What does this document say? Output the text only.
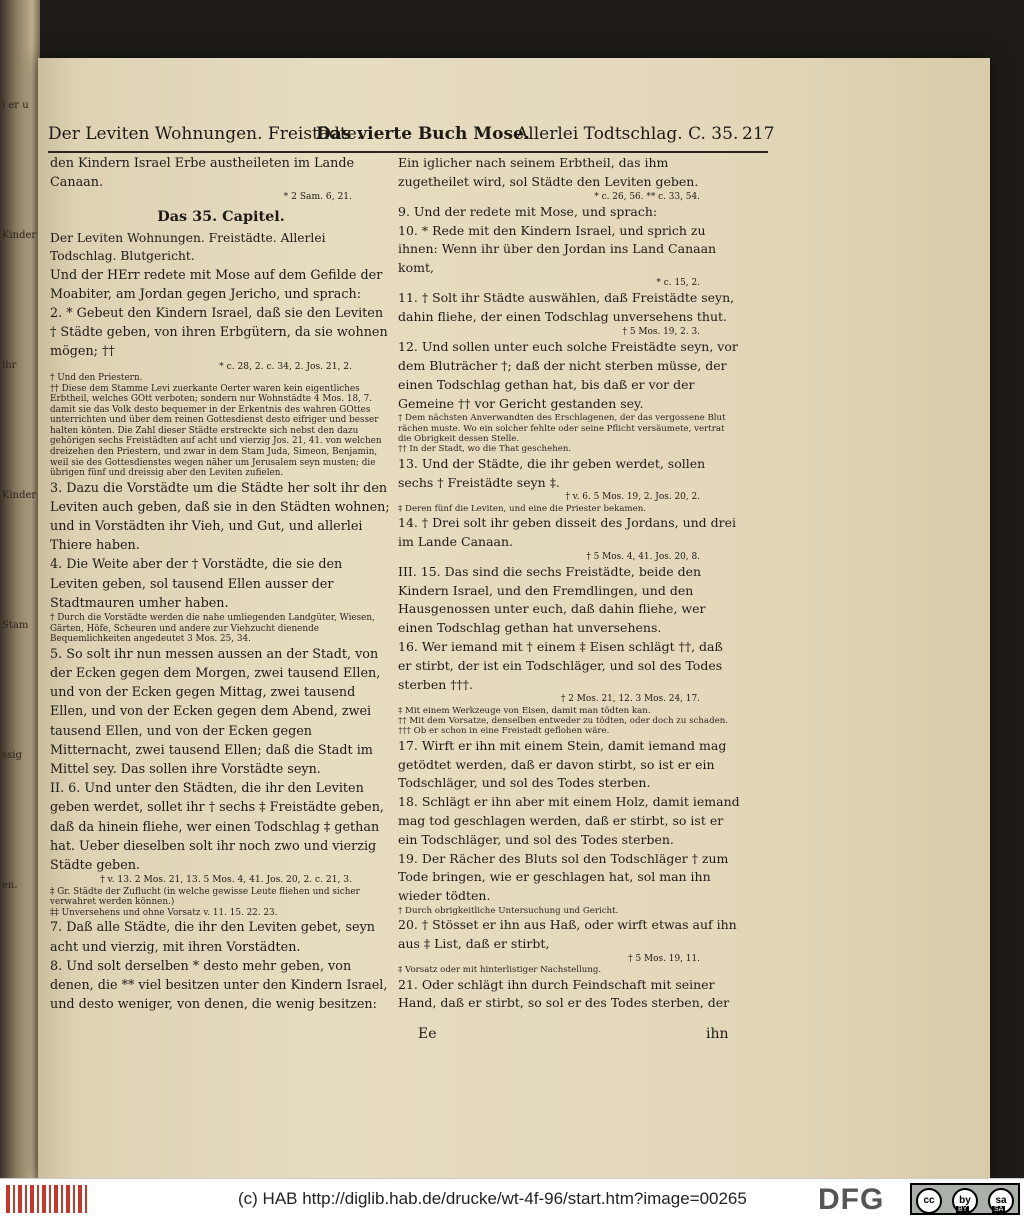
i er u
Kinder
ihr
Kinder
Stam
ssig
en.
Der Leviten Wohnungen. Freistädte.
Das vierte Buch Mose.
Allerlei Todtschlag. C. 35. 217

den Kindern Israel Erbe austheileten im Lande Canaan.

* 2 Sam. 6, 21.

Das 35. Capitel.

Der Leviten Wohnungen. Freistädte. Allerlei Todschlag. Blutgericht.

Und der HErr redete mit Mose auf dem Gefilde der Moabiter, am Jordan gegen Jericho, und sprach:

2. * Gebeut den Kindern Israel, daß sie den Leviten † Städte geben, von ihren Erbgütern, da sie wohnen mögen; ††

* c. 28, 2. c. 34, 2. Jos. 21, 2.

† Und den Priestern.

†† Diese dem Stamme Levi zuerkante Oerter waren kein eigentliches Erbtheil, welches GOtt verboten; sondern nur Wohnstädte 4 Mos. 18, 7. damit sie das Volk desto bequemer in der Erkentnis des wahren GOttes unterrichten und über dem reinen Gottesdienst desto eifriger und besser halten könten. Die Zahl dieser Städte erstreckte sich nebst den dazu gehörigen sechs Freistädten auf acht und vierzig Jos. 21, 41. von welchen dreizehen den Priestern, und zwar in dem Stam Juda, Simeon, Benjamin, weil sie des Gottesdienstes wegen näher um Jerusalem seyn musten; die übrigen fünf und dreissig aber den Leviten zufielen.

3. Dazu die Vorstädte um die Städte her solt ihr den Leviten auch geben, daß sie in den Städten wohnen; und in Vorstädten ihr Vieh, und Gut, und allerlei Thiere haben.

4. Die Weite aber der † Vorstädte, die sie den Leviten geben, sol tausend Ellen ausser der Stadtmauren umher haben.

† Durch die Vorstädte werden die nahe umliegenden Landgüter, Wiesen, Gärten, Höfe, Scheuren und andere zur Viehzucht dienende Bequemlichkeiten angedeutet 3 Mos. 25, 34.

5. So solt ihr nun messen aussen an der Stadt, von der Ecken gegen dem Morgen, zwei tausend Ellen, und von der Ecken gegen Mittag, zwei tausend Ellen, und von der Ecken gegen dem Abend, zwei tausend Ellen, und von der Ecken gegen Mitternacht, zwei tausend Ellen; daß die Stadt im Mittel sey. Das sollen ihre Vorstädte seyn.

II. 6. Und unter den Städten, die ihr den Leviten geben werdet, sollet ihr † sechs ‡ Freistädte geben, daß da hinein fliehe, wer einen Todschlag ‡ gethan hat. Ueber dieselben solt ihr noch zwo und vierzig Städte geben.

† v. 13. 2 Mos. 21, 13. 5 Mos. 4, 41. Jos. 20, 2. c. 21, 3.

‡ Gr. Städte der Zuflucht (in welche gewisse Leute fliehen und sicher verwahret werden können.)

‡‡ Unversehens und ohne Vorsatz v. 11. 15. 22. 23.

7. Daß alle Städte, die ihr den Leviten gebet, seyn acht und vierzig, mit ihren Vorstädten.

8. Und solt derselben * desto mehr geben, von denen, die ** viel besitzen unter den Kindern Israel, und desto weniger, von denen, die wenig besitzen:

Ein iglicher nach seinem Erbtheil, das ihm zugetheilet wird, sol Städte den Leviten geben.

* c. 26, 56. ** c. 33, 54.

9. Und der redete mit Mose, und sprach:

10. * Rede mit den Kindern Israel, und sprich zu ihnen: Wenn ihr über den Jordan ins Land Canaan komt,

* c. 15, 2.

11. † Solt ihr Städte auswählen, daß Freistädte seyn, dahin fliehe, der einen Todschlag unversehens thut.

† 5 Mos. 19, 2. 3.

12. Und sollen unter euch solche Freistädte seyn, vor dem Bluträcher †; daß der nicht sterben müsse, der einen Todschlag gethan hat, bis daß er vor der Gemeine †† vor Gericht gestanden sey.

† Dem nächsten Anverwandten des Erschlagenen, der das vergossene Blut rächen muste. Wo ein solcher fehlte oder seine Pflicht versäumete, vertrat die Obrigkeit dessen Stelle.

†† In der Stadt, wo die That geschehen.

13. Und der Städte, die ihr geben werdet, sollen sechs † Freistädte seyn ‡.

† v. 6. 5 Mos. 19, 2. Jos. 20, 2.

‡ Deren fünf die Leviten, und eine die Priester bekamen.

14. † Drei solt ihr geben disseit des Jordans, und drei im Lande Canaan.

† 5 Mos. 4, 41. Jos. 20, 8.

III. 15. Das sind die sechs Freistädte, beide den Kindern Israel, und den Fremdlingen, und den Hausgenossen unter euch, daß dahin fliehe, wer einen Todschlag gethan hat unversehens.

16. Wer iemand mit † einem ‡ Eisen schlägt ††, daß er stirbt, der ist ein Todschläger, und sol des Todes sterben †††.

† 2 Mos. 21, 12. 3 Mos. 24, 17.

‡ Mit einem Werkzeuge von Eisen, damit man tödten kan.

†† Mit dem Vorsatze, denselben entweder zu tödten, oder doch zu schaden.

††† Ob er schon in eine Freistadt geflohen wäre.

17. Wirft er ihn mit einem Stein, damit iemand mag getödtet werden, daß er davon stirbt, so ist er ein Todschläger, und sol des Todes sterben.

18. Schlägt er ihn aber mit einem Holz, damit iemand mag tod geschlagen werden, daß er stirbt, so ist er ein Todschläger, und sol des Todes sterben.

19. Der Rächer des Bluts sol den Todschläger † zum Tode bringen, wie er geschlagen hat, sol man ihn wieder tödten.

† Durch obrigkeitliche Untersuchung und Gericht.

20. † Stösset er ihn aus Haß, oder wirft etwas auf ihn aus ‡ List, daß er stirbt,

† 5 Mos. 19, 11.

‡ Vorsatz oder mit hinterlistiger Nachstellung.

21. Oder schlägt ihn durch Feindschaft mit seiner Hand, daß er stirbt, so sol er des Todes sterben, der

Ee	ihn
(c) HAB http://diglib.hab.de/drucke/wt-4f-96/start.htm?image=00265 DFG	cc	by	sa
BY	SA
